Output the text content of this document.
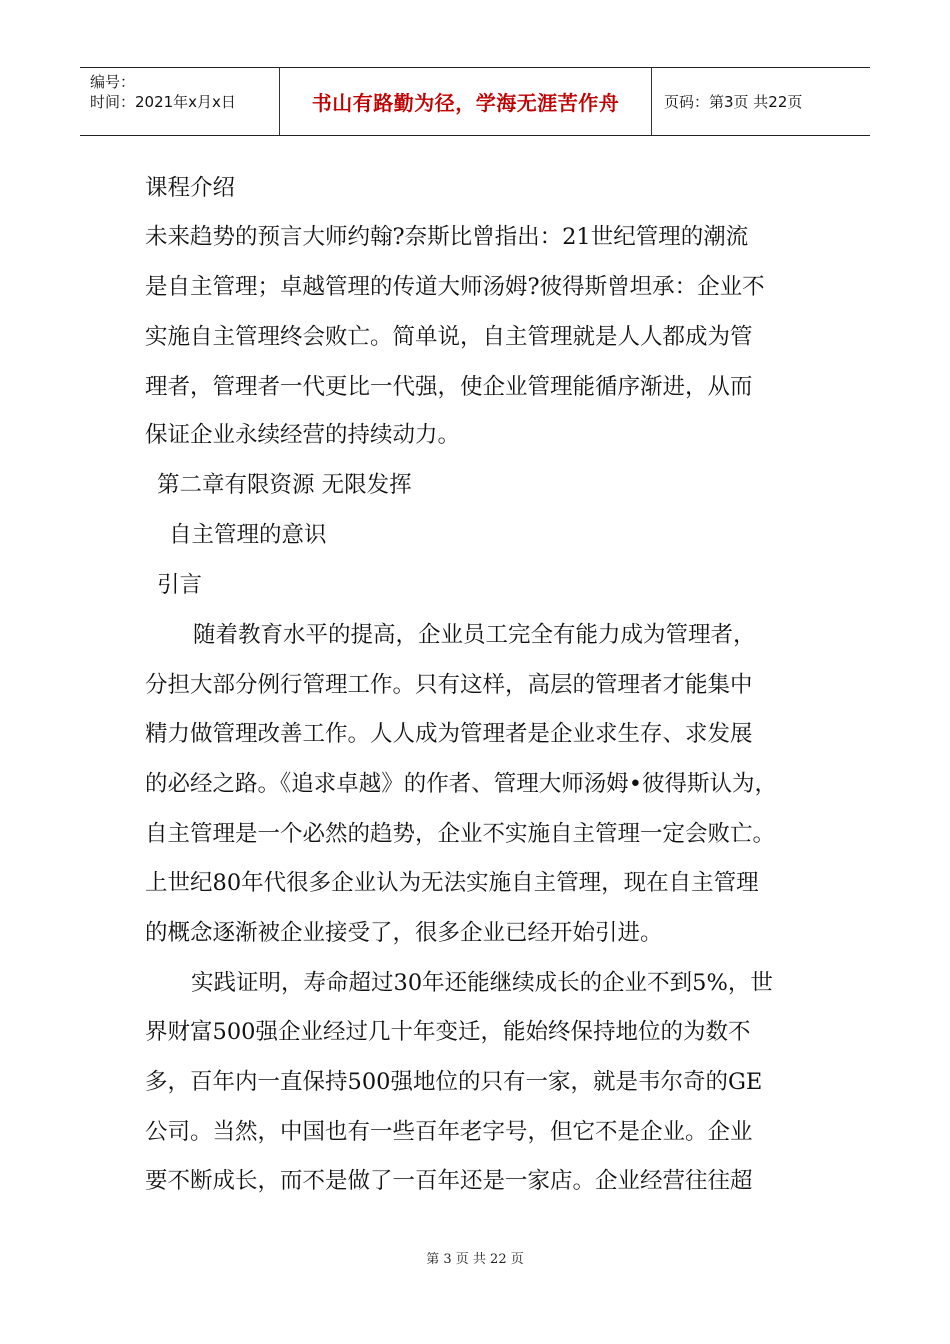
编号：
时间：2021年x月x日	书山有路勤为径，学海无涯苦作舟	页码：第3页 共22页
课程介绍
未来趋势的预言大师约翰?奈斯比曾指出：21世纪管理的潮流
是自主管理；卓越管理的传道大师汤姆?彼得斯曾坦承：企业不
实施自主管理终会败亡。简单说，自主管理就是人人都成为管
理者，管理者一代更比一代强，使企业管理能循序渐进，从而
保证企业永续经营的持续动力。
第二章有限资源 无限发挥
自主管理的意识
引言
随着教育水平的提高，企业员工完全有能力成为管理者，
分担大部分例行管理工作。只有这样，高层的管理者才能集中
精力做管理改善工作。人人成为管理者是企业求生存、求发展
的必经之路。《追求卓越》的作者、管理大师汤姆•彼得斯认为，
自主管理是一个必然的趋势，企业不实施自主管理一定会败亡。
上世纪80年代很多企业认为无法实施自主管理，现在自主管理
的概念逐渐被企业接受了，很多企业已经开始引进。
实践证明，寿命超过30年还能继续成长的企业不到5%，世
界财富500强企业经过几十年变迁，能始终保持地位的为数不
多，百年内一直保持500强地位的只有一家，就是韦尔奇的GE
公司。当然，中国也有一些百年老字号，但它不是企业。企业
要不断成长，而不是做了一百年还是一家店。企业经营往往超
第 3 页 共 22 页
